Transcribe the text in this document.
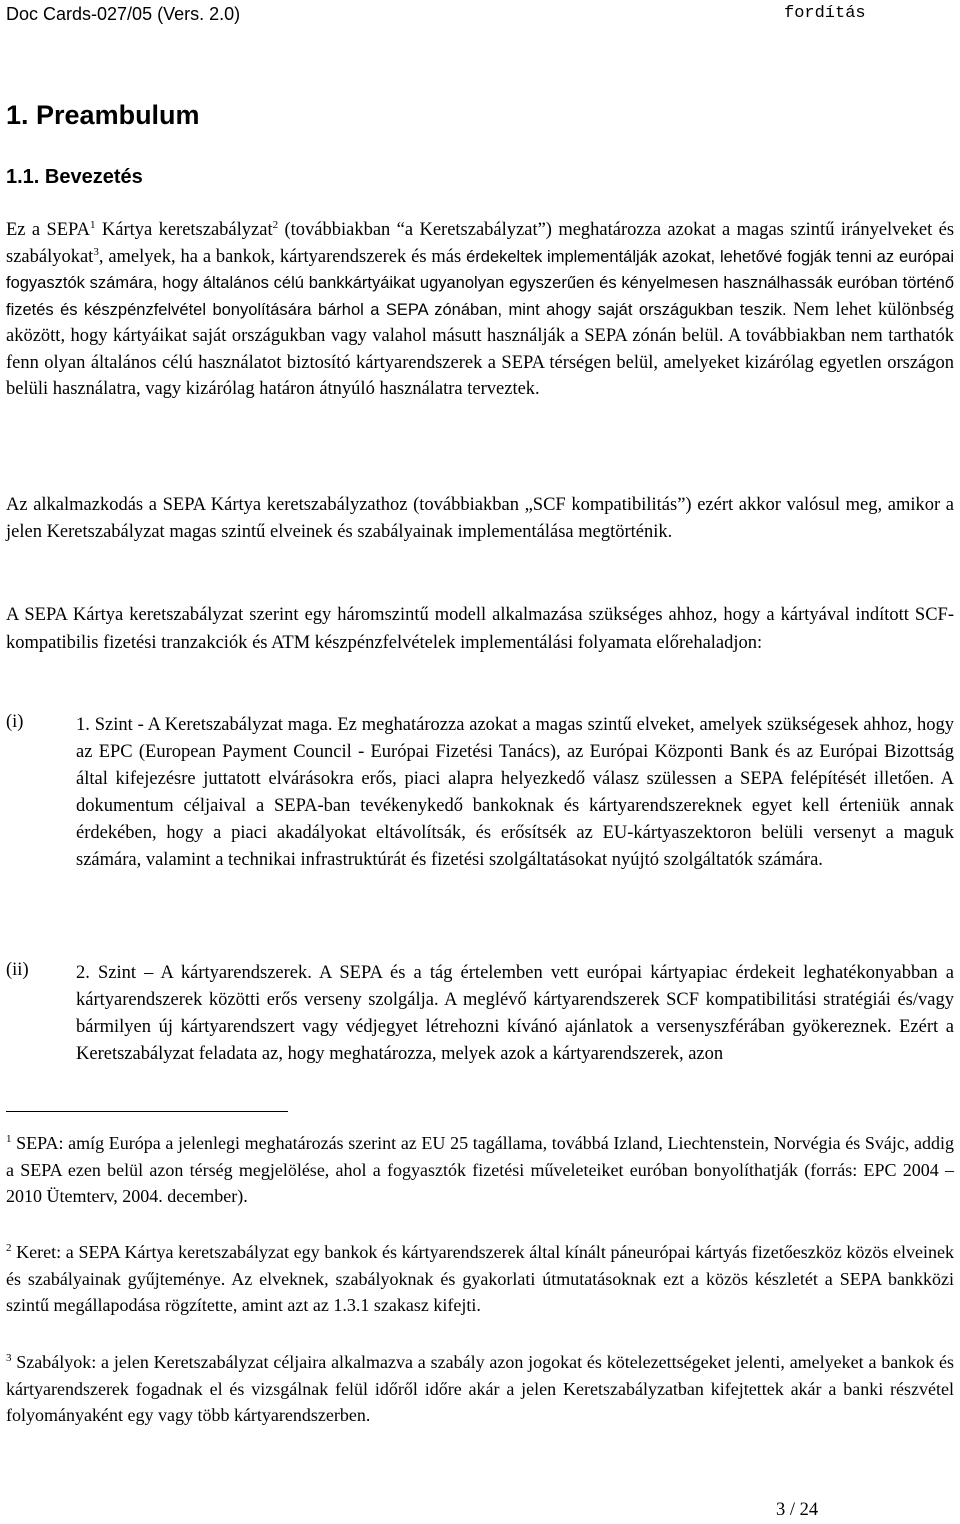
Doc Cards-027/05 (Vers. 2.0)	fordítás
1. Preambulum
1.1. Bevezetés

Ez a SEPA$^1$ Kártya keretszabályzat$^2$ (továbbiakban “a Keretszabályzat”) meghatározza azokat a magas szintű irányelveket és szabályokat$^3$, amelyek, ha a bankok, kártyarendszerek és más érdekeltek implementálják azokat, lehetővé fogják tenni az európai fogyasztók számára, hogy általános célú bankkártyáikat ugyanolyan egyszerűen és kényelmesen használhassák euróban történő fizetés és készpénzfelvétel bonyolítására bárhol a SEPA zónában, mint ahogy saját országukban teszik. Nem lehet különbség aközött, hogy kártyáikat saját országukban vagy valahol másutt használják a SEPA zónán belül. A továbbiakban nem tarthatók fenn olyan általános célú használatot biztosító kártyarendszerek a SEPA térségen belül, amelyeket kizárólag egyetlen országon belüli használatra, vagy kizárólag határon átnyúló használatra terveztek.

Az alkalmazkodás a SEPA Kártya keretszabályzathoz (továbbiakban „SCF kompatibilitás”) ezért akkor valósul meg, amikor a jelen Keretszabályzat magas szintű elveinek és szabályainak implementálása megtörténik.

A SEPA Kártya keretszabályzat szerint egy háromszintű modell alkalmazása szükséges ahhoz, hogy a kártyával indított SCF-kompatibilis fizetési tranzakciók és ATM készpénzfelvételek implementálási folyamata előrehaladjon:

(i)	1. Szint - A Keretszabályzat maga. Ez meghatározza azokat a magas szintű elveket, amelyek szükségesek ahhoz, hogy az EPC (European Payment Council - Európai Fizetési Tanács), az Európai Központi Bank és az Európai Bizottság által kifejezésre juttatott elvárásokra erős, piaci alapra helyezkedő válasz szülessen a SEPA felépítését illetően. A dokumentum céljaival a SEPA-ban tevékenykedő bankoknak és kártyarendszereknek egyet kell érteniük annak érdekében, hogy a piaci akadályokat eltávolítsák, és erősítsék az EU-kártyaszektoron belüli versenyt a maguk számára, valamint a technikai infrastruktúrát és fizetési szolgáltatásokat nyújtó szolgáltatók számára.
(ii)	2. Szint – A kártyarendszerek. A SEPA és a tág értelemben vett európai kártyapiac érdekeit leghatékonyabban a kártyarendszerek közötti erős verseny szolgálja. A meglévő kártyarendszerek SCF kompatibilitási stratégiái és/vagy bármilyen új kártyarendszert vagy védjegyet létrehozni kívánó ajánlatok a versenyszférában gyökereznek. Ezért a Keretszabályzat feladata az, hogy meghatározza, melyek azok a kártyarendszerek, azon

$^1$ SEPA: amíg Európa a jelenlegi meghatározás szerint az EU 25 tagállama, továbbá Izland, Liechtenstein, Norvégia és Svájc, addig a SEPA ezen belül azon térség megjelölése, ahol a fogyasztók fizetési műveleteiket euróban bonyolíthatják (forrás: EPC 2004 – 2010 Ütemterv, 2004. december).

$^2$ Keret: a SEPA Kártya keretszabályzat egy bankok és kártyarendszerek által kínált páneurópai kártyás fizetőeszköz közös elveinek és szabályainak gyűjteménye. Az elveknek, szabályoknak és gyakorlati útmutatásoknak ezt a közös készletét a SEPA bankközi szintű megállapodása rögzítette, amint azt az 1.3.1 szakasz kifejti.

$^3$ Szabályok: a jelen Keretszabályzat céljaira alkalmazva a szabály azon jogokat és kötelezettségeket jelenti, amelyeket a bankok és kártyarendszerek fogadnak el és vizsgálnak felül időről időre akár a jelen Keretszabályzatban kifejtettek akár a banki részvétel folyományaként egy vagy több kártyarendszerben.

3 / 24
